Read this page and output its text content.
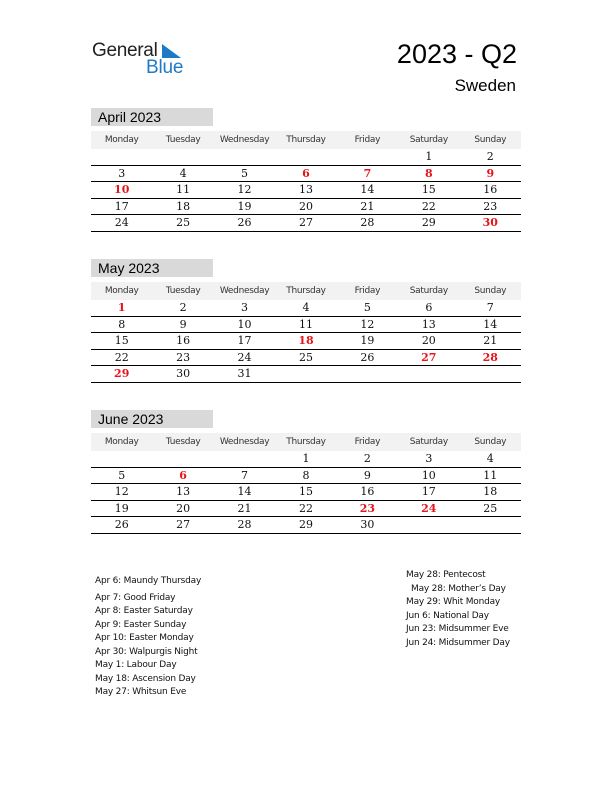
General
Blue	2023 - Q2
Sweden
April 2023
Monday	Tuesday	Wednesday	Thursday	Friday	Saturday	Sunday
					1	2
3	4	5	6	7	8	9
10	11	12	13	14	15	16
17	18	19	20	21	22	23
24	25	26	27	28	29	30
May 2023
Monday	Tuesday	Wednesday	Thursday	Friday	Saturday	Sunday
1	2	3	4	5	6	7
8	9	10	11	12	13	14
15	16	17	18	19	20	21
22	23	24	25	26	27	28
29	30	31				
June 2023
Monday	Tuesday	Wednesday	Thursday	Friday	Saturday	Sunday
			1	2	3	4
5	6	7	8	9	10	11
12	13	14	15	16	17	18
19	20	21	22	23	24	25
26	27	28	29	30		
Apr 6: Maundy Thursday
Apr 7: Good Friday
Apr 8: Easter Saturday
Apr 9: Easter Sunday
Apr 10: Easter Monday
Apr 30: Walpurgis Night
May 1: Labour Day
May 18: Ascension Day
May 27: Whitsun Eve
May 28: Pentecost
May 28: Mother’s Day
May 29: Whit Monday
Jun 6: National Day
Jun 23: Midsummer Eve
Jun 24: Midsummer Day
